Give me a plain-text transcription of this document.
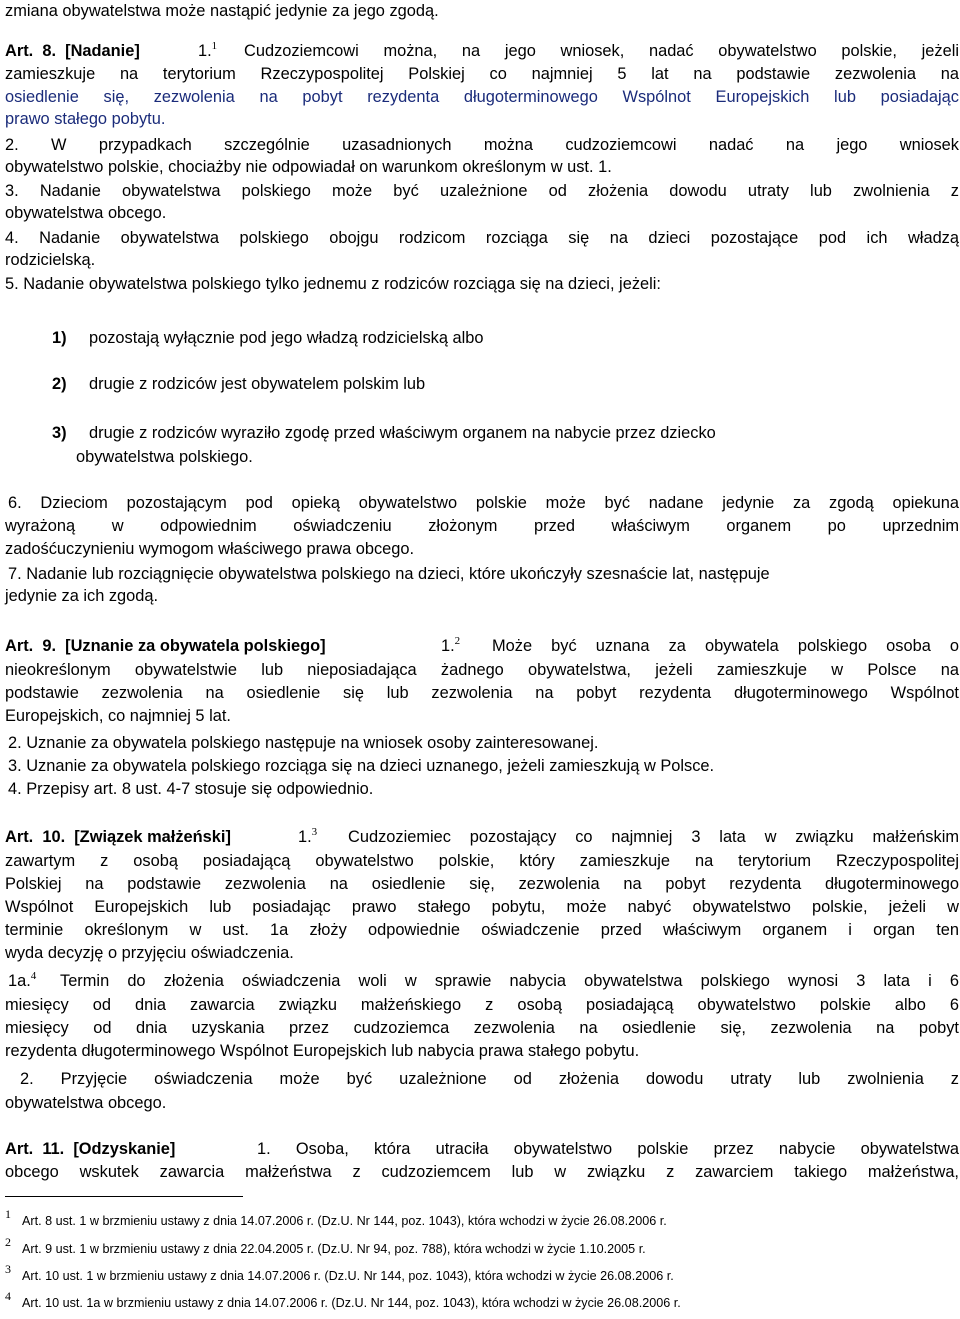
zmiana obywatelstwa może nastąpić jedynie za jego zgodą.
Art.  8.  [Nadanie]	1.$^1$ Cudzoziemcowi można, na jego wniosek, nadać obywatelstwo polskie, jeżeli
zamieszkuje na terytorium Rzeczypospolitej Polskiej co najmniej 5 lat na podstawie zezwolenia na
osiedlenie się, zezwolenia na pobyt rezydenta długoterminowego Wspólnot Europejskich lub posiadając
prawo stałego pobytu.
2. W przypadkach szczególnie uzasadnionych można cudzoziemcowi nadać na jego wniosek
obywatelstwo polskie, chociażby nie odpowiadał on warunkom określonym w ust. 1.
3. Nadanie obywatelstwa polskiego może być uzależnione od złożenia dowodu utraty lub zwolnienia z
obywatelstwa obcego.
4. Nadanie obywatelstwa polskiego obojgu rodzicom rozciąga się na dzieci pozostające pod ich władzą
rodzicielską.
5. Nadanie obywatelstwa polskiego tylko jednemu z rodziców rozciąga się na dzieci, jeżeli:
1) pozostają wyłącznie pod jego władzą rodzicielską albo
2) drugie z rodziców jest obywatelem polskim lub
3) drugie z rodziców wyraziło zgodę przed właściwym organem na nabycie przez dziecko
obywatelstwa polskiego.
6. Dzieciom pozostającym pod opieką obywatelstwo polskie może być nadane jedynie za zgodą opiekuna
wyrażoną w odpowiednim oświadczeniu złożonym przed właściwym organem po uprzednim
zadośćuczynieniu wymogom właściwego prawa obcego.
7. Nadanie lub rozciągnięcie obywatelstwa polskiego na dzieci, które ukończyły szesnaście lat, następuje
jedynie za ich zgodą.
Art.  9.  [Uznanie za obywatela polskiego]	1.$^2$ Może być uznana za obywatela polskiego osoba o
nieokreślonym obywatelstwie lub nieposiadająca żadnego obywatelstwa, jeżeli zamieszkuje w Polsce na
podstawie zezwolenia na osiedlenie się lub zezwolenia na pobyt rezydenta długoterminowego Wspólnot
Europejskich, co najmniej 5 lat.
2. Uznanie za obywatela polskiego następuje na wniosek osoby zainteresowanej.
3. Uznanie za obywatela polskiego rozciąga się na dzieci uznanego, jeżeli zamieszkują w Polsce.
4. Przepisy art. 8 ust. 4-7 stosuje się odpowiednio.
Art.  10.  [Związek małżeński]	1.$^3$ Cudzoziemiec pozostający co najmniej 3 lata w związku małżeńskim
zawartym z osobą posiadającą obywatelstwo polskie, który zamieszkuje na terytorium Rzeczypospolitej
Polskiej na podstawie zezwolenia na osiedlenie się, zezwolenia na pobyt rezydenta długoterminowego
Wspólnot Europejskich lub posiadając prawo stałego pobytu, może nabyć obywatelstwo polskie, jeżeli w
terminie określonym w ust. 1a złoży odpowiednie oświadczenie przed właściwym organem i organ ten
wyda decyzję o przyjęciu oświadczenia.
1a.$^4$ Termin do złożenia oświadczenia woli w sprawie nabycia obywatelstwa polskiego wynosi 3 lata i 6
miesięcy od dnia zawarcia związku małżeńskiego z osobą posiadającą obywatelstwo polskie albo 6
miesięcy od dnia uzyskania przez cudzoziemca zezwolenia na osiedlenie się, zezwolenia na pobyt
rezydenta długoterminowego Wspólnot Europejskich lub nabycia prawa stałego pobytu.
2. Przyjęcie oświadczenia może być uzależnione od złożenia dowodu utraty lub zwolnienia z
obywatelstwa obcego.
Art.  11.  [Odzyskanie]	1. Osoba, która utraciła obywatelstwo polskie przez nabycie obywatelstwa
obcego wskutek zawarcia małżeństwa z cudzoziemcem lub w związku z zawarciem takiego małżeństwa,
1 Art. 8 ust. 1 w brzmieniu ustawy z dnia 14.07.2006 r. (Dz.U. Nr 144, poz. 1043), która wchodzi w życie 26.08.2006 r.
2 Art. 9 ust. 1 w brzmieniu ustawy z dnia 22.04.2005 r. (Dz.U. Nr 94, poz. 788), która wchodzi w życie 1.10.2005 r.
3 Art. 10 ust. 1 w brzmieniu ustawy z dnia 14.07.2006 r. (Dz.U. Nr 144, poz. 1043), która wchodzi w życie 26.08.2006 r.
4 Art. 10 ust. 1a w brzmieniu ustawy z dnia 14.07.2006 r. (Dz.U. Nr 144, poz. 1043), która wchodzi w życie 26.08.2006 r.
